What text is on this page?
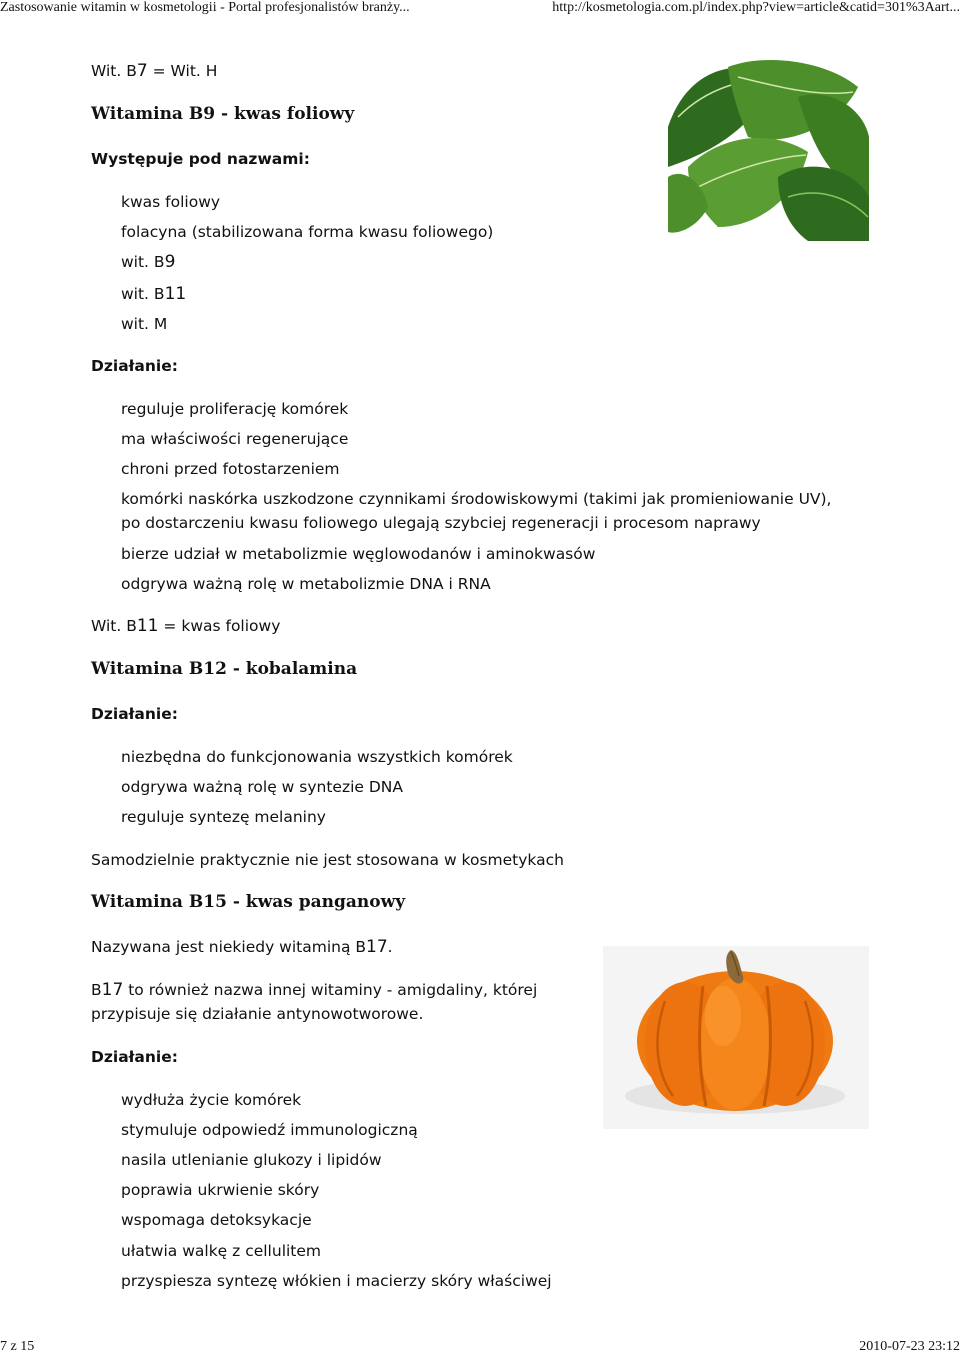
Zastosowanie witamin w kosmetologii - Portal profesjonalistów branży...	http://kosmetologia.com.pl/index.php?view=article&catid=301%3Aart...
Wit. B7 = Wit. H
Witamina B9 - kwas foliowy
Występuje pod nazwami:
kwas foliowy
folacyna (stabilizowana forma kwasu foliowego)
wit. B9
wit. B11
wit. M
Działanie:
reguluje proliferację komórek
ma właściwości regenerujące
chroni przed fotostarzeniem
komórki naskórka uszkodzone czynnikami środowiskowymi (takimi jak promieniowanie UV), po dostarczeniu kwasu foliowego ulegają szybciej regeneracji i procesom naprawy
bierze udział w metabolizmie węglowodanów i aminokwasów
odgrywa ważną rolę w metabolizmie DNA i RNA
Wit. B11 = kwas foliowy
Witamina B12 - kobalamina
Działanie:
niezbędna do funkcjonowania wszystkich komórek
odgrywa ważną rolę w syntezie DNA
reguluje syntezę melaniny
Samodzielnie praktycznie nie jest stosowana w kosmetykach
Witamina B15 - kwas panganowy
Nazywana jest niekiedy witaminą B17.
B17 to również nazwa innej witaminy - amigdaliny, której
przypisuje się działanie antynowotworowe.
Działanie:
wydłuża życie komórek
stymuluje odpowiedź immunologiczną
nasila utlenianie glukozy i lipidów
poprawia ukrwienie skóry
wspomaga detoksykacje
ułatwia walkę z cellulitem
przyspiesza syntezę włókien i macierzy skóry właściwej
7 z 15	2010-07-23 23:12
